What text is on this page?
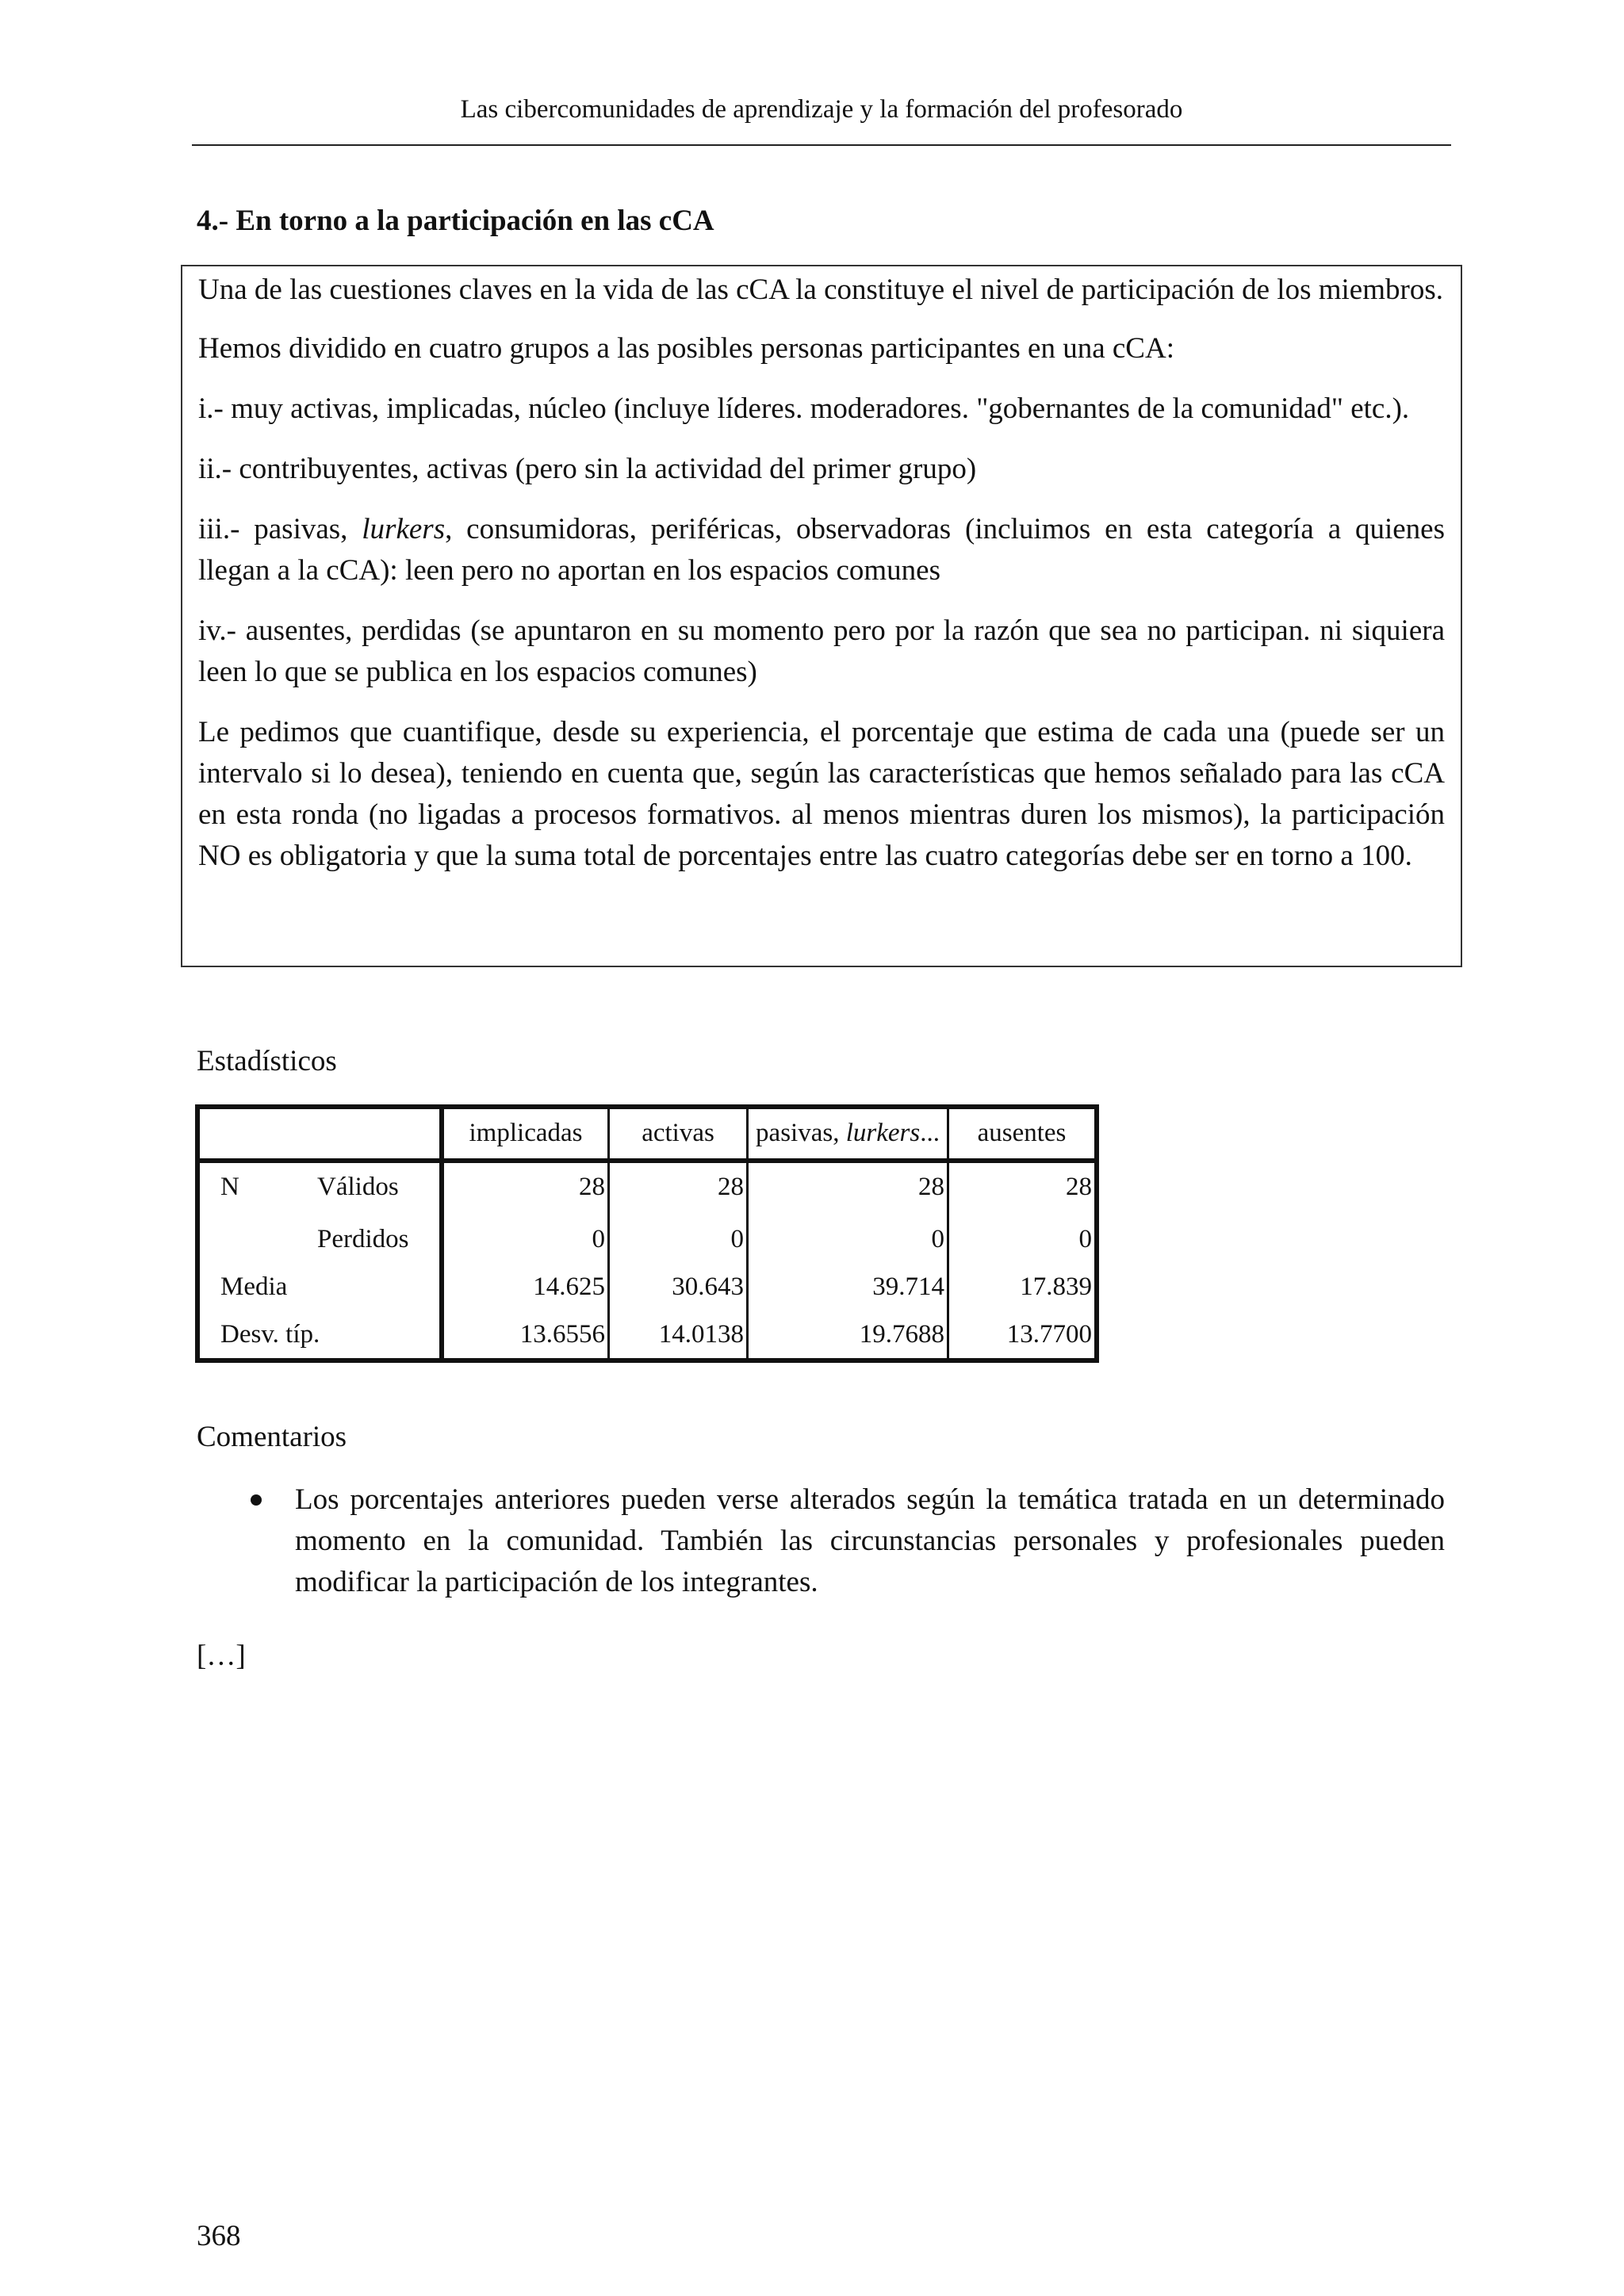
Las cibercomunidades de aprendizaje y la formación del profesorado
4.- En torno a la participación en las cCA

Una de las cuestiones claves en la vida de las cCA la constituye el nivel de participación de los miembros.

Hemos dividido en cuatro grupos a las posibles personas participantes en una cCA:

i.- muy activas, implicadas, núcleo (incluye líderes. moderadores. "gobernantes de la comunidad" etc.).

ii.- contribuyentes, activas (pero sin la actividad del primer grupo)

iii.- pasivas, lurkers, consumidoras, periféricas, observadoras (incluimos en esta categoría a quienes llegan a la cCA): leen pero no aportan en los espacios comunes

iv.- ausentes, perdidas (se apuntaron en su momento pero por la razón que sea no participan. ni siquiera leen lo que se publica en los espacios comunes)

Le pedimos que cuantifique, desde su experiencia, el porcentaje que estima de cada una (puede ser un intervalo si lo desea), teniendo en cuenta que, según las características que hemos señalado para las cCA en esta ronda (no ligadas a procesos formativos. al menos mientras duren los mismos), la participación NO es obligatoria y que la suma total de porcentajes entre las cuatro categorías debe ser en torno a 100.

Estadísticos
implicadas	activas	pasivas, lurkers...	ausentes
N	Válidos	28	28	28	28
Perdidos	0	0	0	0
Media	14.625	30.643	39.714	17.839
Desv. típ.	13.6556	14.0138	19.7688	13.7700
Comentarios
Los porcentajes anteriores pueden verse alterados según la temática tratada en un determinado momento en la comunidad. También las circunstancias personales y profesionales pueden modificar la participación de los integrantes.
[…]
368
